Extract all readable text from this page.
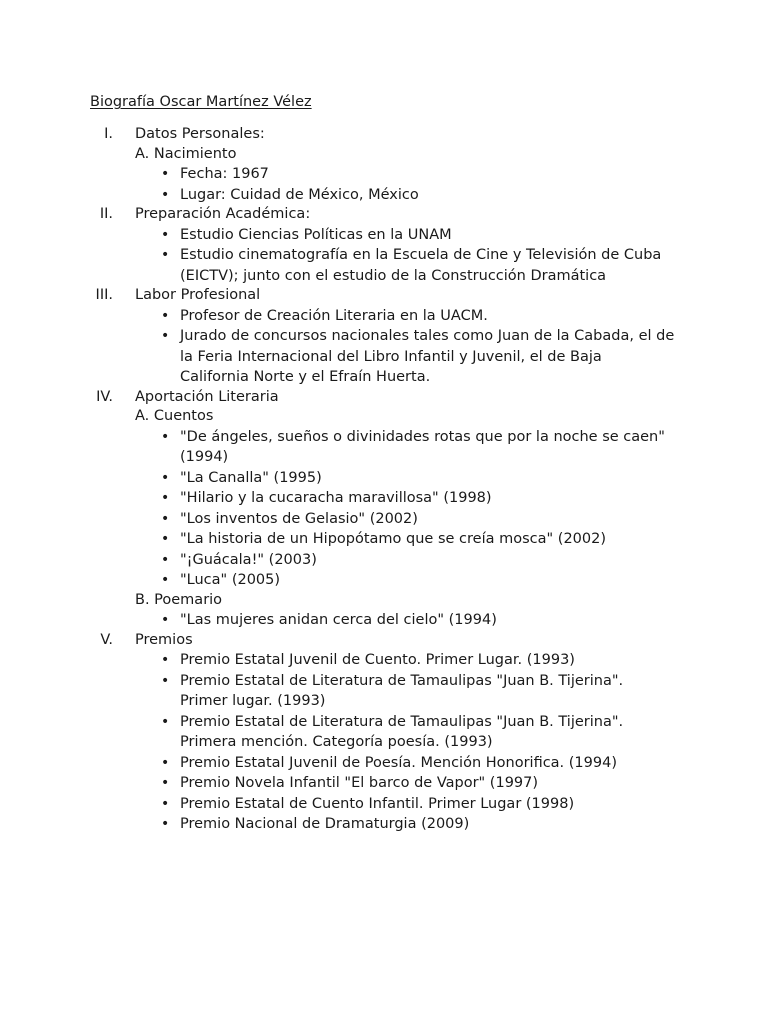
Biografía Oscar Martínez Vélez
I. Datos Personales:
A. Nacimiento
• Fecha: 1967
• Lugar: Cuidad de México, México
II. Preparación Académica:
• Estudio Ciencias Políticas en la UNAM
• Estudio cinematografía en la Escuela de Cine y Televisión de Cuba (EICTV); junto con el estudio de la Construcción Dramática
III. Labor Profesional
• Profesor de Creación Literaria en la UACM.
• Jurado de concursos nacionales tales como Juan de la Cabada, el de la Feria Internacional del Libro Infantil y Juvenil, el de Baja California Norte y el Efraín Huerta.
IV. Aportación Literaria
A. Cuentos
• "De ángeles, sueños o divinidades rotas que por la noche se caen" (1994)
• "La Canalla" (1995)
• "Hilario y la cucaracha maravillosa" (1998)
• "Los inventos de Gelasio" (2002)
• "La historia de un Hipopótamo que se creía mosca" (2002)
• "¡Guácala!" (2003)
• "Luca" (2005)
B. Poemario
• "Las mujeres anidan cerca del cielo" (1994)
V. Premios
• Premio Estatal Juvenil de Cuento. Primer Lugar. (1993)
• Premio Estatal de Literatura de Tamaulipas "Juan B. Tijerina". Primer lugar. (1993)
• Premio Estatal de Literatura de Tamaulipas "Juan B. Tijerina". Primera mención. Categoría poesía. (1993)
• Premio Estatal Juvenil de Poesía. Mención Honorifica. (1994)
• Premio Novela Infantil "El barco de Vapor" (1997)
• Premio Estatal de Cuento Infantil. Primer Lugar (1998)
• Premio Nacional de Dramaturgia (2009)
